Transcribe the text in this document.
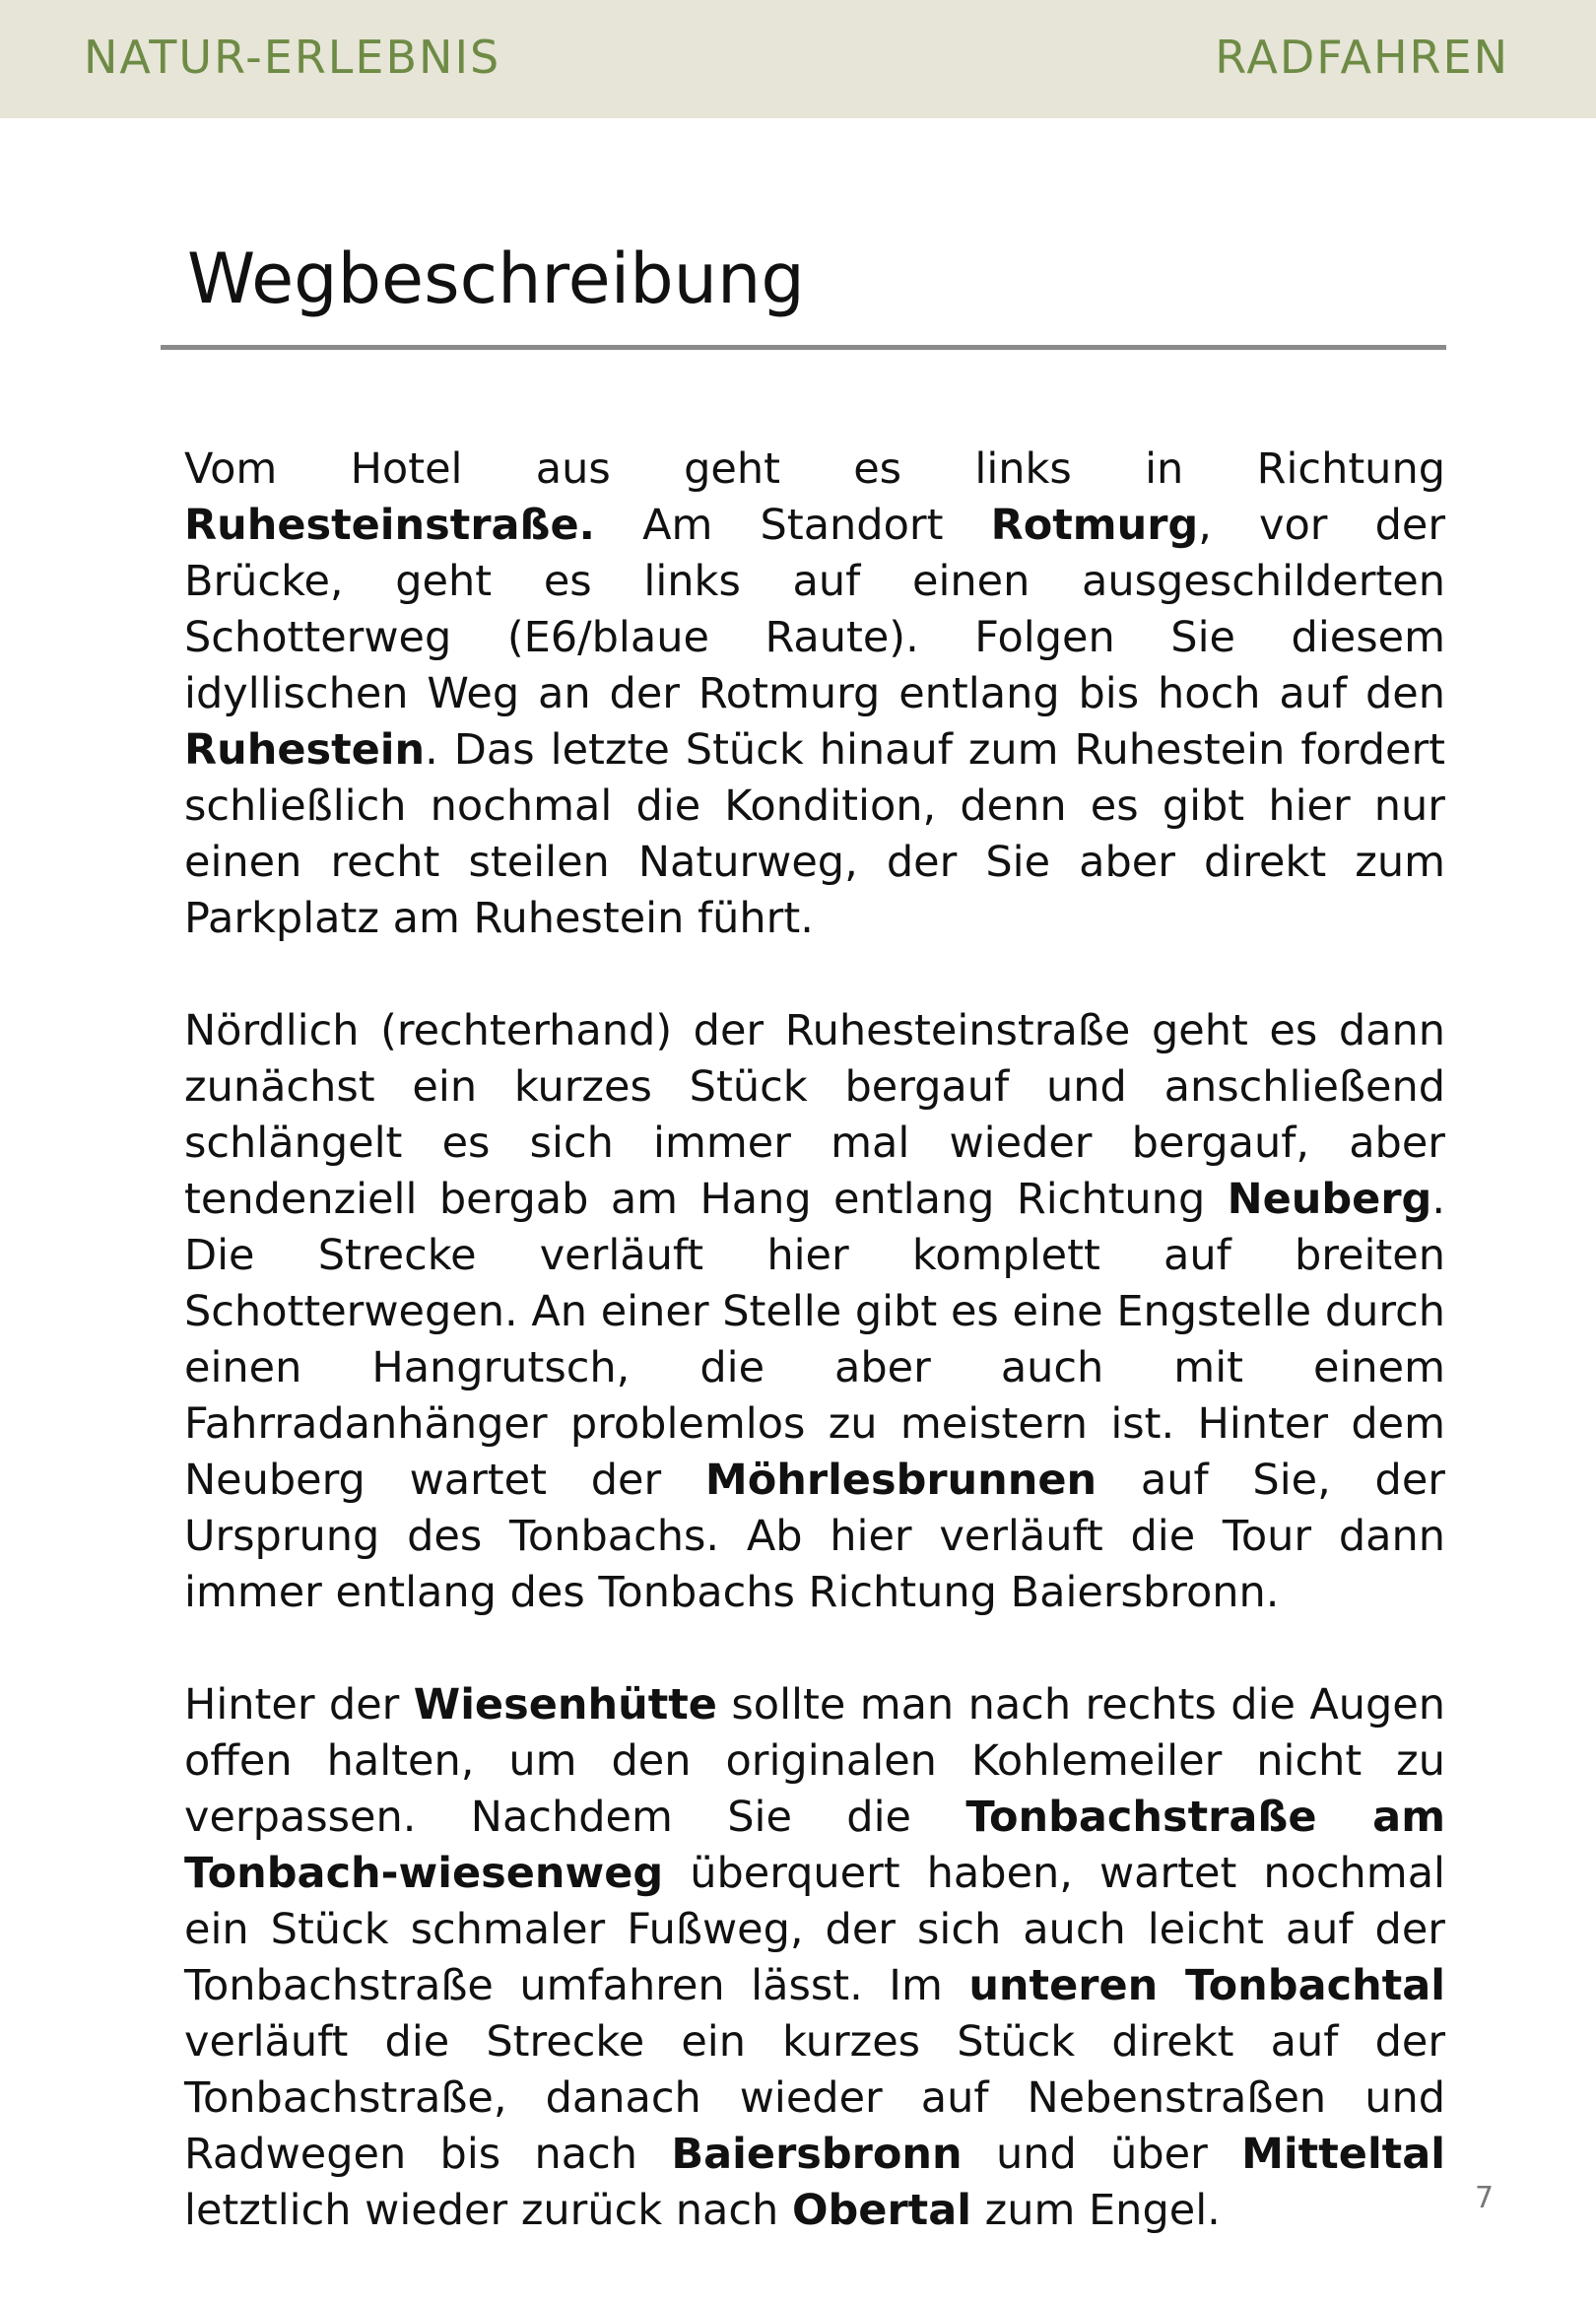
NATUR-ERLEBNIS	RADFAHREN
Wegbeschreibung

Vom Hotel aus geht es links in Richtung Ruhesteinstraße. Am Standort Rotmurg, vor der Brücke, geht es links auf einen ausgeschilderten Schotterweg (E6/blaue Raute). Folgen Sie diesem idyllischen Weg an der Rotmurg entlang bis hoch auf den Ruhestein. Das letzte Stück hinauf zum Ruhestein fordert schließlich nochmal die Kondition, denn es gibt hier nur einen recht steilen Naturweg, der Sie aber direkt zum Parkplatz am Ruhestein führt.

Nördlich (rechterhand) der Ruhesteinstraße geht es dann zunächst ein kurzes Stück bergauf und anschließend schlängelt es sich immer mal wieder bergauf, aber tendenziell bergab am Hang entlang Richtung Neuberg. Die Strecke verläuft hier komplett auf breiten Schotterwegen. An einer Stelle gibt es eine Engstelle durch einen Hangrutsch, die aber auch mit einem Fahrradanhänger problemlos zu meistern ist. Hinter dem Neuberg wartet der Möhrlesbrunnen auf Sie, der Ursprung des Tonbachs. Ab hier verläuft die Tour dann immer entlang des Tonbachs Richtung Baiersbronn.

Hinter der Wiesenhütte sollte man nach rechts die Augen offen halten, um den originalen Kohlemeiler nicht zu verpassen. Nachdem Sie die Tonbachstraße am Tonbach-wiesenweg überquert haben, wartet nochmal ein Stück schmaler Fußweg, der sich auch leicht auf der Tonbachstraße umfahren lässt. Im unteren Tonbachtal verläuft die Strecke ein kurzes Stück direkt auf der Tonbachstraße, danach wieder auf Nebenstraßen und Radwegen bis nach Baiersbronn und über Mitteltal letztlich wieder zurück nach Obertal zum Engel.	7
